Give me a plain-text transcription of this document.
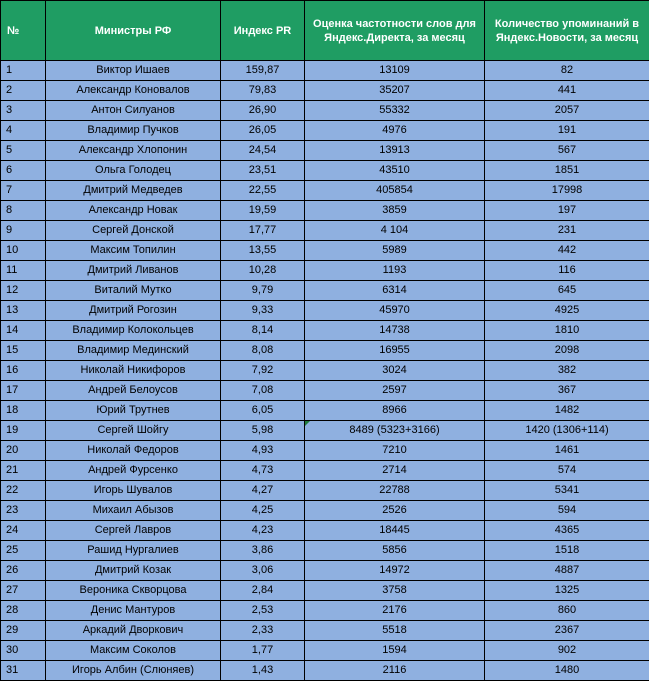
№	Министры РФ	Индекс PR	Оценка частотности слов для Яндекс.Директа, за месяц	Количество упоминаний в Яндекс.Новости, за месяц
1	Виктор Ишаев	159,87	13109	82
2	Александр Коновалов	79,83	35207	441
3	Антон Силуанов	26,90	55332	2057
4	Владимир Пучков	26,05	4976	191
5	Александр Хлопонин	24,54	13913	567
6	Ольга Голодец	23,51	43510	1851
7	Дмитрий Медведев	22,55	405854	17998
8	Александр Новак	19,59	3859	197
9	Сергей Донской	17,77	4 104	231
10	Максим Топилин	13,55	5989	442
11	Дмитрий Ливанов	10,28	1193	116
12	Виталий Мутко	9,79	6314	645
13	Дмитрий Рогозин	9,33	45970	4925
14	Владимир Колокольцев	8,14	14738	1810
15	Владимир Мединский	8,08	16955	2098
16	Николай Никифоров	7,92	3024	382
17	Андрей Белоусов	7,08	2597	367
18	Юрий Трутнев	6,05	8966	1482
19	Сергей Шойгу	5,98	8489 (5323+3166)	1420 (1306+114)
20	Николай Федоров	4,93	7210	1461
21	Андрей Фурсенко	4,73	2714	574
22	Игорь Шувалов	4,27	22788	5341
23	Михаил Абызов	4,25	2526	594
24	Сергей Лавров	4,23	18445	4365
25	Рашид Нургалиев	3,86	5856	1518
26	Дмитрий Козак	3,06	14972	4887
27	Вероника Скворцова	2,84	3758	1325
28	Денис Мантуров	2,53	2176	860
29	Аркадий Дворкович	2,33	5518	2367
30	Максим Соколов	1,77	1594	902
31	Игорь Албин (Слюняев)	1,43	2116	1480
